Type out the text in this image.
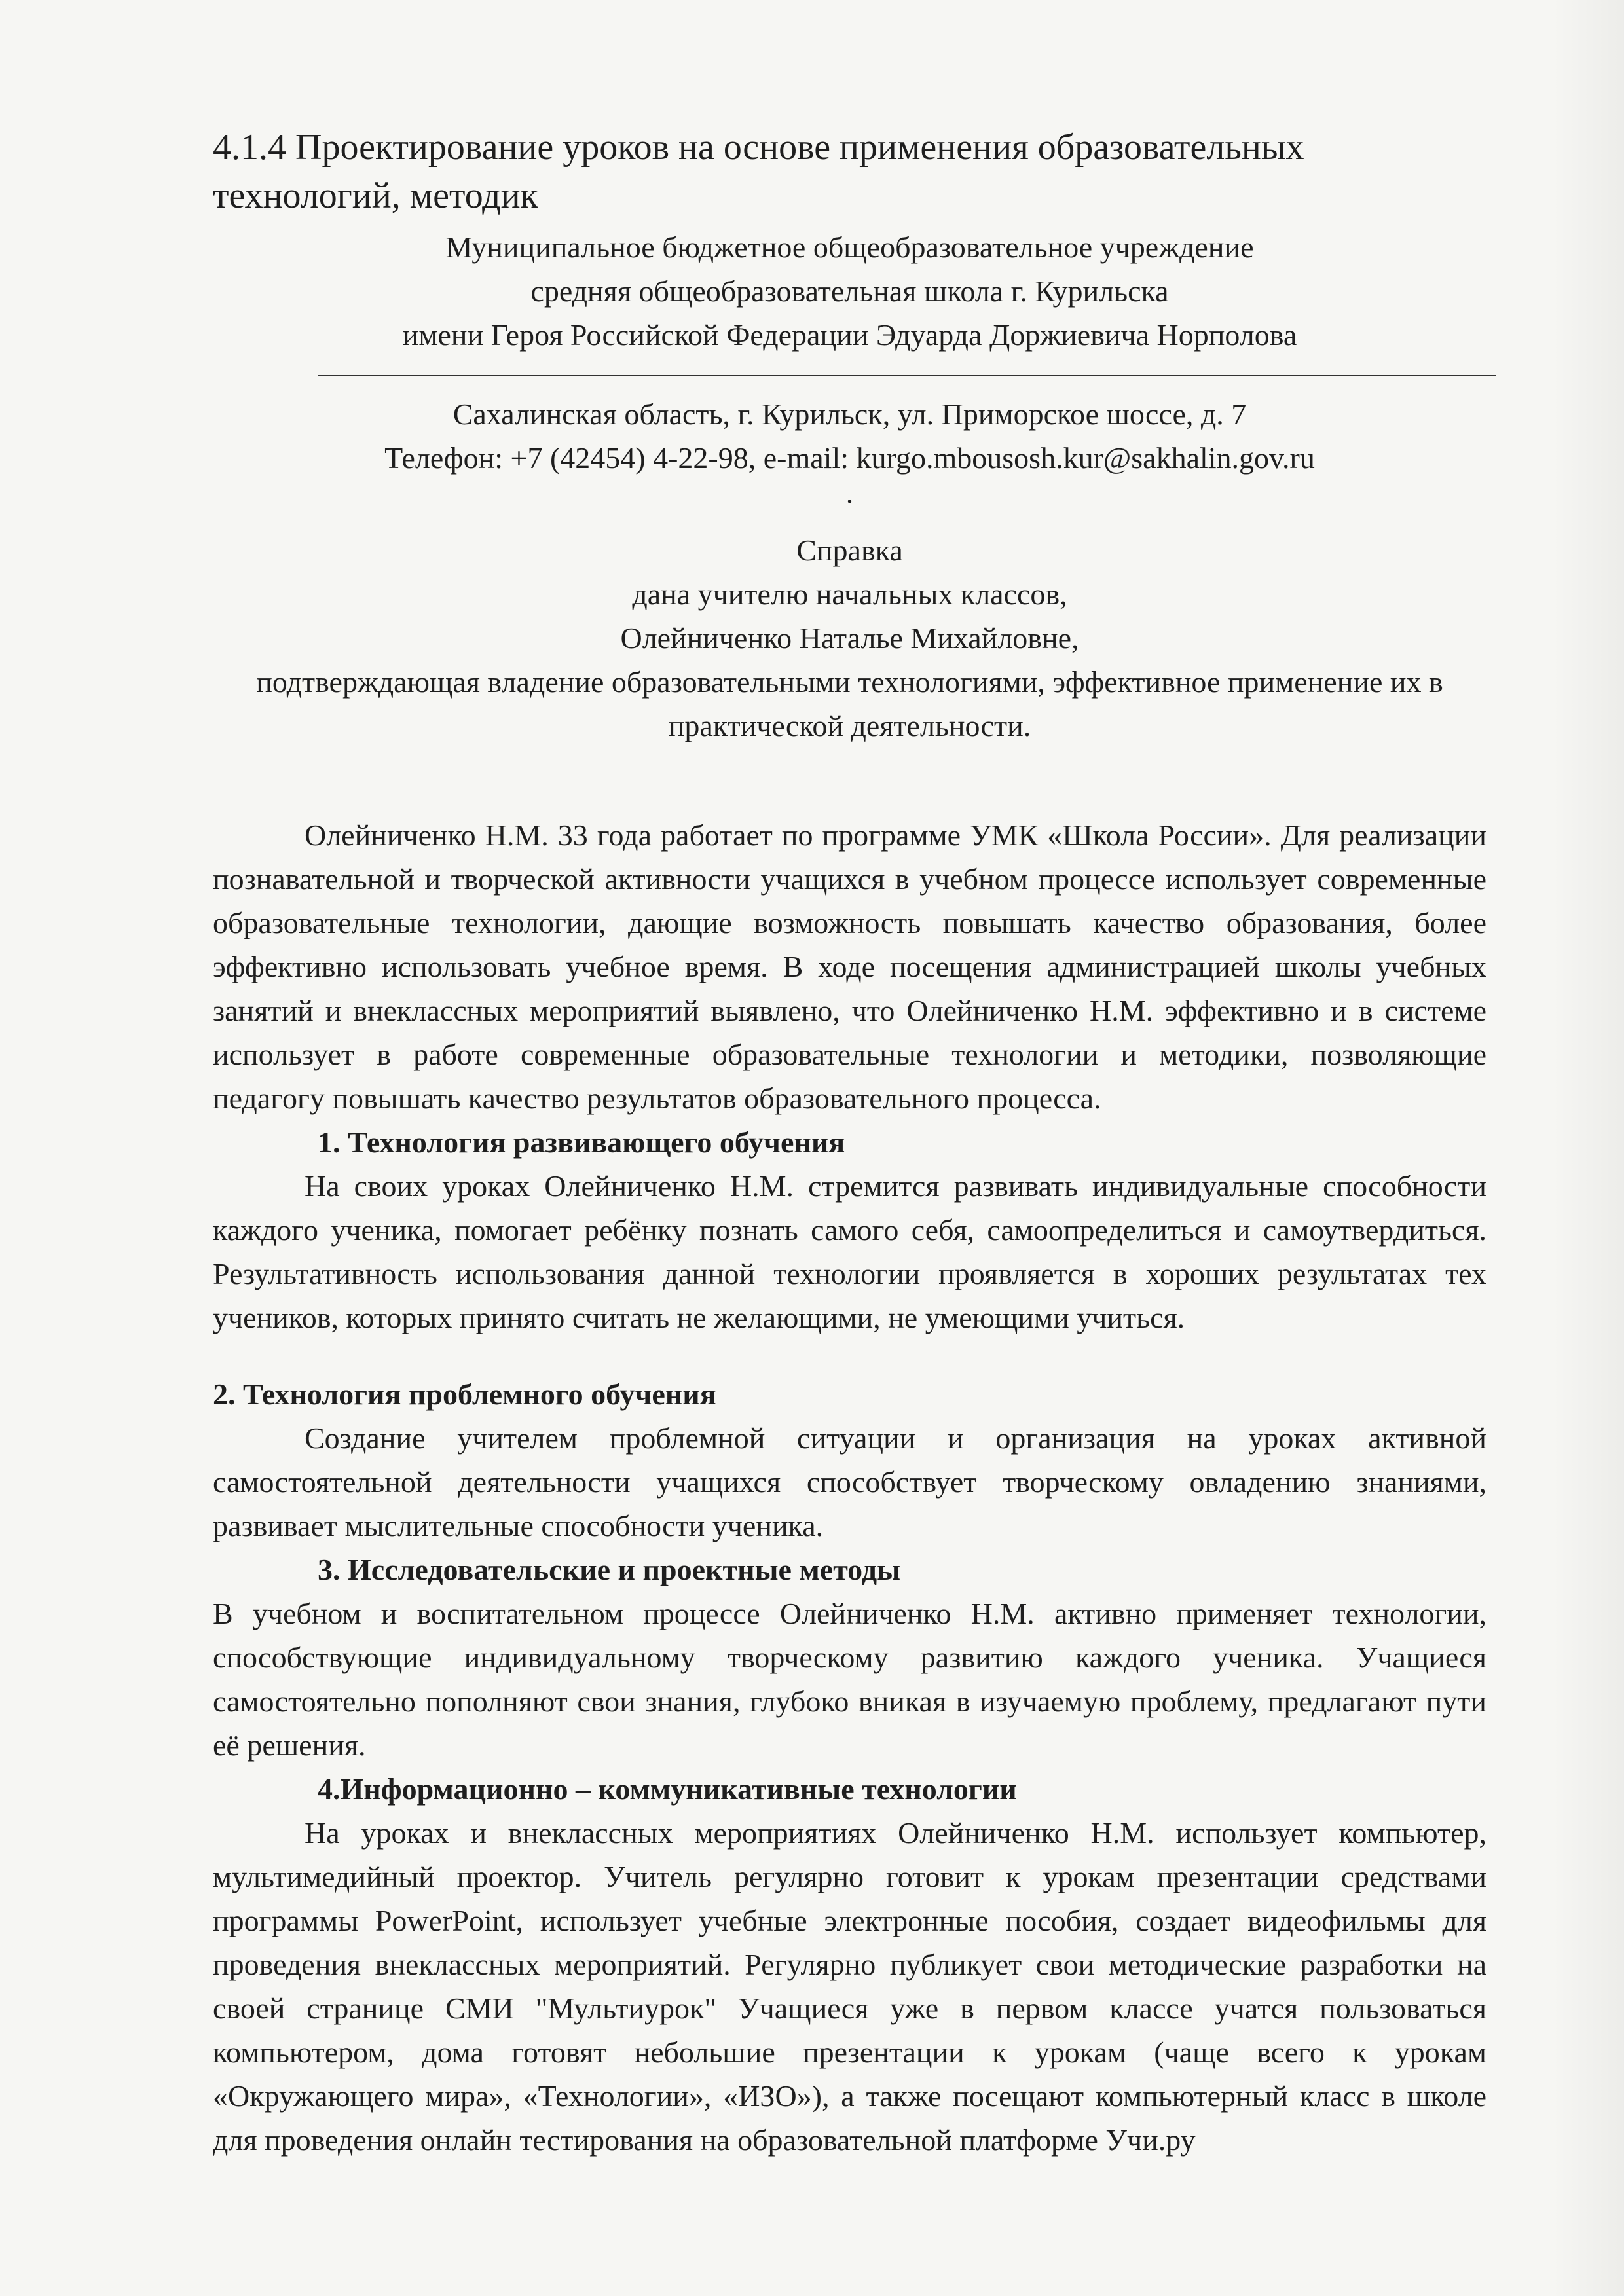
4.1.4 Проектирование уроков на основе применения образовательных технологий, методик

Муниципальное бюджетное общеобразовательное учреждение
средняя общеобразовательная школа г. Курильска
имени Героя Российской Федерации Эдуарда Доржиевича Норполова
Сахалинская область, г. Курильск, ул. Приморское шоссе, д. 7
Телефон: +7 (42454) 4-22-98, e-mail: kurgo.mbousosh.kur@sakhalin.gov.ru
.
Справка
дана учителю начальных классов,
Олейниченко Наталье Михайловне,
подтверждающая владение образовательными технологиями, эффективное применение их в практической деятельности.

Олейниченко Н.М. 33 года работает по программе УМК «Школа России». Для реализации познавательной и творческой активности учащихся в учебном процессе использует современные образовательные технологии, дающие возможность повышать качество образования, более эффективно использовать учебное время. В ходе посещения администрацией школы учебных занятий и внеклассных мероприятий выявлено, что Олейниченко Н.М. эффективно и в системе использует в работе современные образовательные технологии и методики, позволяющие педагогу повышать качество результатов образовательного процесса.

1. Технология развивающего обучения

На своих уроках Олейниченко Н.М. стремится развивать индивидуальные способности каждого ученика, помогает ребёнку познать самого себя, самоопределиться и самоутвердиться. Результативность использования данной технологии проявляется в хороших результатах тех учеников, которых принято считать не желающими, не умеющими учиться.

2. Технология проблемного обучения

Создание учителем проблемной ситуации и организация на уроках активной самостоятельной деятельности учащихся способствует творческому овладению знаниями, развивает мыслительные способности ученика.

3. Исследовательские и проектные методы

В учебном и воспитательном процессе Олейниченко Н.М. активно применяет технологии, способствующие индивидуальному творческому развитию каждого ученика. Учащиеся самостоятельно пополняют свои знания, глубоко вникая в изучаемую проблему, предлагают пути её решения.

4.Информационно – коммуникативные технологии

На уроках и внеклассных мероприятиях Олейниченко Н.М. использует компьютер, мультимедийный проектор. Учитель регулярно готовит к урокам презентации средствами программы PowerPoint, использует учебные электронные пособия, создает видеофильмы для проведения внеклассных мероприятий. Регулярно публикует свои методические разработки на своей странице СМИ "Мультиурок" Учащиеся уже в первом классе учатся пользоваться компьютером, дома готовят небольшие презентации к урокам (чаще всего к урокам «Окружающего мира», «Технологии», «ИЗО»), а также посещают компьютерный класс в школе для проведения онлайн тестирования на образовательной платформе Учи.ру
